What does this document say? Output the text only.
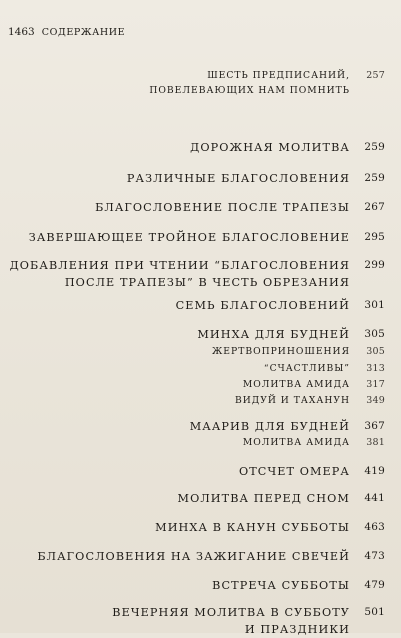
1463 СОДЕРЖАНИЕ
ШЕСТЬ ПРЕДПИСАНИЙ,
ПОВЕЛЕВАЮЩИХ НАМ ПОМНИТЬ
257
ДОРОЖНАЯ МОЛИТВА	259
РАЗЛИЧНЫЕ БЛАГОСЛОВЕНИЯ	259
БЛАГОСЛОВЕНИЕ ПОСЛЕ ТРАПЕЗЫ	267
ЗАВЕРШАЮЩЕЕ ТРОЙНОЕ БЛАГОСЛОВЕНИЕ	295
ДОБАВЛЕНИЯ ПРИ ЧТЕНИИ “БЛАГОСЛОВЕНИЯ
ПОСЛЕ ТРАПЕЗЫ” В ЧЕСТЬ ОБРЕЗАНИЯ
299
СЕМЬ БЛАГОСЛОВЕНИЙ	301
МИНХА ДЛЯ БУДНЕЙ	305
ЖЕРТВОПРИНОШЕНИЯ	305
“СЧАСТЛИВЫ”	313
МОЛИТВА АМИДА	317
ВИДУЙ И ТАХАНУН	349
МААРИВ ДЛЯ БУДНЕЙ	367
МОЛИТВА АМИДА	381
ОТСЧЕТ ОМЕРА	419
МОЛИТВА ПЕРЕД СНОМ	441
МИНХА В КАНУН СУББОТЫ	463
БЛАГОСЛОВЕНИЯ НА ЗАЖИГАНИЕ СВЕЧЕЙ	473
ВСТРЕЧА СУББОТЫ	479
ВЕЧЕРНЯЯ МОЛИТВА В СУББОТУ
И ПРАЗДНИКИ
501
